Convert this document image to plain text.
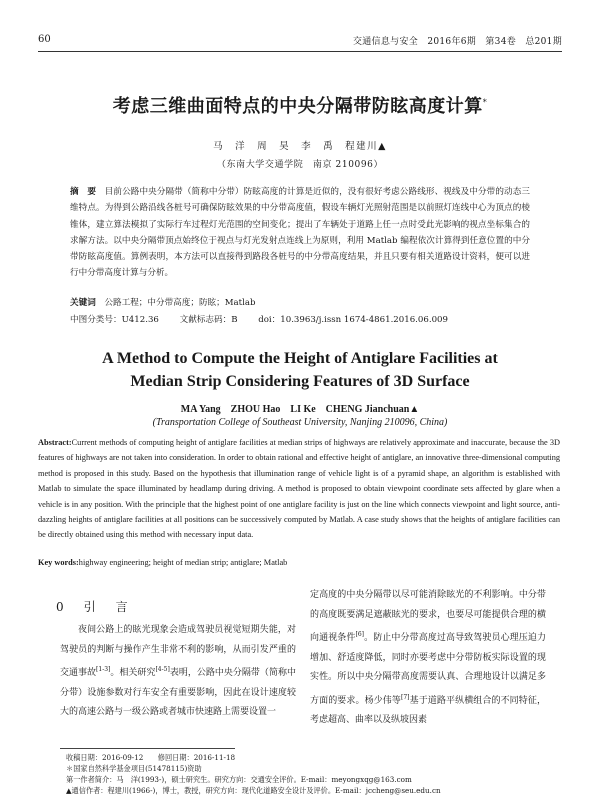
60	交通信息与安全　2016年6期　第34卷　总201期
考虑三维曲面特点的中央分隔带防眩高度计算*
马　洋　周　昊　李　禹　程建川▲
（东南大学交通学院　南京 210096）
摘　要　 目前公路中央分隔带（简称中分带）防眩高度的计算是近似的，没有很好考虑公路线形、视线及中分带的动态三维特点。为得到公路沿线各桩号可确保防眩效果的中分带高度值，假设车辆灯光照射范围是以前照灯连线中心为顶点的棱锥体，建立算法模拟了实际行车过程灯光范围的空间变化；提出了车辆处于道路上任一点时受此光影响的视点坐标集合的求解方法。以中央分隔带顶点始终位于视点与灯光发射点连线上为原则，利用 Matlab 编程依次计算得到任意位置的中分带防眩高度值。算例表明，本方法可以直接得到路段各桩号的中分带高度结果，并且只要有相关道路设计资料，便可以进行中分带高度计算与分析。
关键词　 公路工程；中分带高度；防眩；Matlab
中图分类号：U412.36 文献标志码：B doi：10.3963/j.issn 1674-4861.2016.06.009
A Method to Compute the Height of Antiglare Facilities at
Median Strip Considering Features of 3D Surface
MA Yang　ZHOU Hao　LI Ke　CHENG Jianchuan▲
(Transportation College of Southeast University, Nanjing 210096, China)
Abstract:Current methods of computing height of antiglare facilities at median strips of highways are relatively approximate and inaccurate, because the 3D features of highways are not taken into consideration. In order to obtain rational and effective height of antiglare, an innovative three-dimensional computing method is proposed in this study. Based on the hypothesis that illumination range of vehicle light is of a pyramid shape, an algorithm is established with Matlab to simulate the space illuminated by headlamp during driving. A method is proposed to obtain viewpoint coordinate sets affected by glare when a vehicle is in any position. With the principle that the highest point of one antiglare facility is just on the line which connects viewpoint and light source, anti-dazzling heights of antiglare facilities at all positions can be successively computed by Matlab. A case study shows that the heights of antiglare facilities can be directly obtained using this method with necessary input data.
Key words:highway engineering; height of median strip; antiglare; Matlab
0　 引　言
夜间公路上的眩光现象会造成驾驶员视觉短期失能，对驾驶员的判断与操作产生非常不利的影响，从而引发严重的交通事故[1-3]。相关研究[4-5]表明，公路中央分隔带（简称中分带）设施参数对行车安全有重要影响，因此在设计速度较大的高速公路与一级公路或者城市快速路上需要设置一
定高度的中央分隔带以尽可能消除眩光的不利影响。中分带的高度既要满足遮蔽眩光的要求，也要尽可能提供合理的横向通视条件[6]。防止中分带高度过高导致驾驶员心理压迫力增加、舒适度降低，同时亦要考虑中分带防板实际设置的现实性。所以中央分隔带高度需要认真、合理地设计以满足多方面的要求。杨少伟等[7]基于道路平纵横组合的不同特征，考虑超高、曲率以及纵坡因素
收稿日期：2016-09-12　　修回日期：2016-11-18
＊国家自然科学基金项目(51478115)资助
第一作者简介：马　洋(1993-)，硕士研究生。研究方向：交通安全评价。E-mail：meyongxqg@163.com
▲通信作者：程建川(1966-)，博士，教授，研究方向：现代化道路安全设计及评价。E-mail：jccheng@seu.edu.cn
